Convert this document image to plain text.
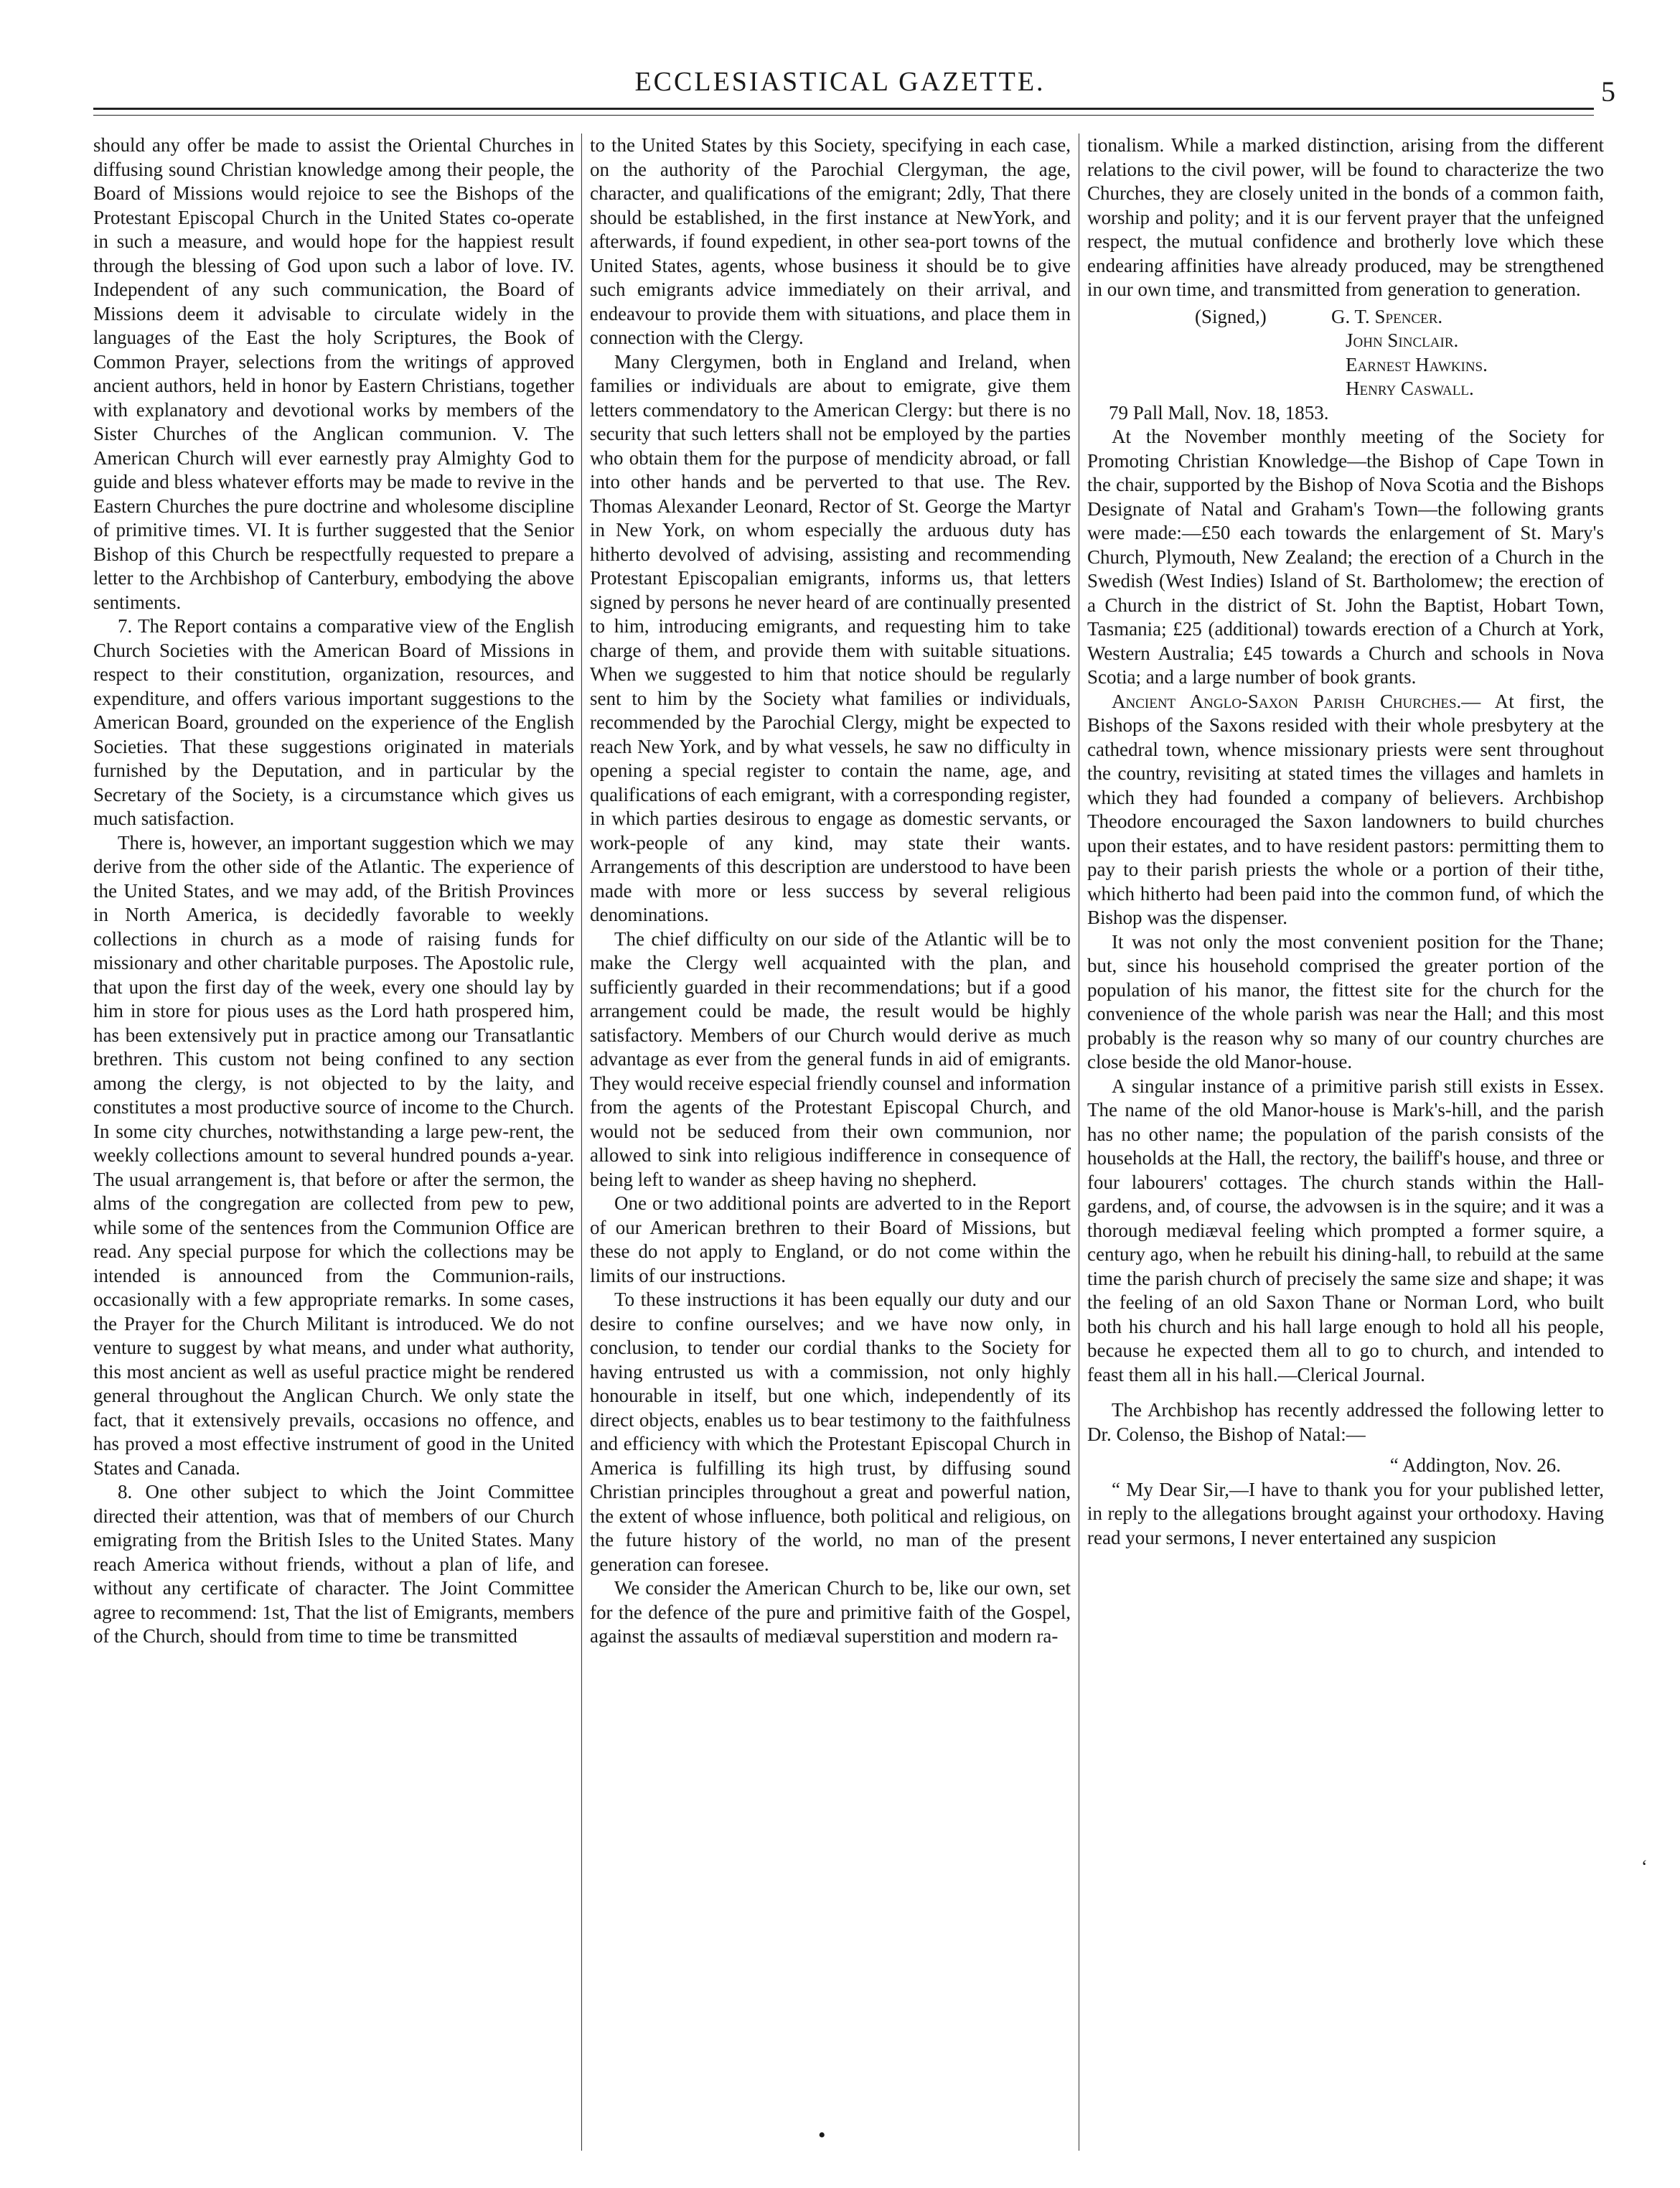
ECCLESIASTICAL GAZETTE.	5

should any offer be made to assist the Oriental Churches in diffusing sound Christian knowledge among their people, the Board of Missions would rejoice to see the Bishops of the Protestant Episcopal Church in the United States co-operate in such a measure, and would hope for the happiest result through the blessing of God upon such a labor of love. IV. Independent of any such communication, the Board of Missions deem it advisable to circulate widely in the languages of the East the holy Scriptures, the Book of Common Prayer, selections from the writings of approved ancient authors, held in honor by Eastern Christians, together with explanatory and devotional works by members of the Sister Churches of the Anglican communion. V. The American Church will ever earnestly pray Almighty God to guide and bless whatever efforts may be made to revive in the Eastern Churches the pure doctrine and wholesome discipline of primitive times. VI. It is further suggested that the Senior Bishop of this Church be respectfully requested to prepare a letter to the Archbishop of Canterbury, embodying the above sentiments.

7. The Report contains a comparative view of the English Church Societies with the American Board of Missions in respect to their constitution, organization, resources, and expenditure, and offers various important suggestions to the American Board, grounded on the experience of the English Societies. That these suggestions originated in materials furnished by the Deputation, and in particular by the Secretary of the Society, is a circumstance which gives us much satisfaction.

There is, however, an important suggestion which we may derive from the other side of the Atlantic. The experience of the United States, and we may add, of the British Provinces in North America, is decidedly favorable to weekly collections in church as a mode of raising funds for missionary and other charitable purposes. The Apostolic rule, that upon the first day of the week, every one should lay by him in store for pious uses as the Lord hath prospered him, has been extensively put in practice among our Transatlantic brethren. This custom not being confined to any section among the clergy, is not objected to by the laity, and constitutes a most productive source of income to the Church. In some city churches, notwithstanding a large pew-rent, the weekly collections amount to several hundred pounds a-year. The usual arrangement is, that before or after the sermon, the alms of the congregation are collected from pew to pew, while some of the sentences from the Communion Office are read. Any special purpose for which the collections may be intended is announced from the Communion-rails, occasionally with a few appropriate remarks. In some cases, the Prayer for the Church Militant is introduced. We do not venture to suggest by what means, and under what authority, this most ancient as well as useful practice might be rendered general throughout the Anglican Church. We only state the fact, that it extensively prevails, occasions no offence, and has proved a most effective instrument of good in the United States and Canada.

8. One other subject to which the Joint Committee directed their attention, was that of members of our Church emigrating from the British Isles to the United States. Many reach America without friends, without a plan of life, and without any certificate of character. The Joint Committee agree to recommend: 1st, That the list of Emigrants, members of the Church, should from time to time be transmitted

to the United States by this Society, specifying in each case, on the authority of the Parochial Clergyman, the age, character, and qualifications of the emigrant; 2dly, That there should be established, in the first instance at NewYork, and afterwards, if found expedient, in other sea-port towns of the United States, agents, whose business it should be to give such emigrants advice immediately on their arrival, and endeavour to provide them with situations, and place them in connection with the Clergy.

Many Clergymen, both in England and Ireland, when families or individuals are about to emigrate, give them letters commendatory to the American Clergy: but there is no security that such letters shall not be employed by the parties who obtain them for the purpose of mendicity abroad, or fall into other hands and be perverted to that use. The Rev. Thomas Alexander Leonard, Rector of St. George the Martyr in New York, on whom especially the arduous duty has hitherto devolved of advising, assisting and recommending Protestant Episcopalian emigrants, informs us, that letters signed by persons he never heard of are continually presented to him, introducing emigrants, and requesting him to take charge of them, and provide them with suitable situations. When we suggested to him that notice should be regularly sent to him by the Society what families or individuals, recommended by the Parochial Clergy, might be expected to reach New York, and by what vessels, he saw no difficulty in opening a special register to contain the name, age, and qualifications of each emigrant, with a corresponding register, in which parties desirous to engage as domestic servants, or work-people of any kind, may state their wants. Arrangements of this description are understood to have been made with more or less success by several religious denominations.

The chief difficulty on our side of the Atlantic will be to make the Clergy well acquainted with the plan, and sufficiently guarded in their recommendations; but if a good arrangement could be made, the result would be highly satisfactory. Members of our Church would derive as much advantage as ever from the general funds in aid of emigrants. They would receive especial friendly counsel and information from the agents of the Protestant Episcopal Church, and would not be seduced from their own communion, nor allowed to sink into religious indifference in consequence of being left to wander as sheep having no shepherd.

One or two additional points are adverted to in the Report of our American brethren to their Board of Missions, but these do not apply to England, or do not come within the limits of our instructions.

To these instructions it has been equally our duty and our desire to confine ourselves; and we have now only, in conclusion, to tender our cordial thanks to the Society for having entrusted us with a commission, not only highly honourable in itself, but one which, independently of its direct objects, enables us to bear testimony to the faithfulness and efficiency with which the Protestant Episcopal Church in America is fulfilling its high trust, by diffusing sound Christian principles throughout a great and powerful nation, the extent of whose influence, both political and religious, on the future history of the world, no man of the present generation can foresee.

We consider the American Church to be, like our own, set for the defence of the pure and primitive faith of the Gospel, against the assaults of mediæval superstition and modern ra-

tionalism. While a marked distinction, arising from the different relations to the civil power, will be found to characterize the two Churches, they are closely united in the bonds of a common faith, worship and polity; and it is our fervent prayer that the unfeigned respect, the mutual confidence and brotherly love which these endearing affinities have already produced, may be strengthened in our own time, and transmitted from generation to generation.

(Signed,)	G. T. Spencer.
John Sinclair.
Earnest Hawkins.
Henry Caswall.

79 Pall Mall, Nov. 18, 1853.

At the November monthly meeting of the Society for Promoting Christian Knowledge—the Bishop of Cape Town in the chair, supported by the Bishop of Nova Scotia and the Bishops Designate of Natal and Graham's Town—the following grants were made:—£50 each towards the enlargement of St. Mary's Church, Plymouth, New Zealand; the erection of a Church in the Swedish (West Indies) Island of St. Bartholomew; the erection of a Church in the district of St. John the Baptist, Hobart Town, Tasmania; £25 (additional) towards erection of a Church at York, Western Australia; £45 towards a Church and schools in Nova Scotia; and a large number of book grants.

Ancient Anglo-Saxon Parish Churches.— At first, the Bishops of the Saxons resided with their whole presbytery at the cathedral town, whence missionary priests were sent throughout the country, revisiting at stated times the villages and hamlets in which they had founded a company of believers. Archbishop Theodore encouraged the Saxon landowners to build churches upon their estates, and to have resident pastors: permitting them to pay to their parish priests the whole or a portion of their tithe, which hitherto had been paid into the common fund, of which the Bishop was the dispenser.

It was not only the most convenient position for the Thane; but, since his household comprised the greater portion of the population of his manor, the fittest site for the church for the convenience of the whole parish was near the Hall; and this most probably is the reason why so many of our country churches are close beside the old Manor-house.

A singular instance of a primitive parish still exists in Essex. The name of the old Manor-house is Mark's-hill, and the parish has no other name; the population of the parish consists of the households at the Hall, the rectory, the bailiff's house, and three or four labourers' cottages. The church stands within the Hall-gardens, and, of course, the advowsen is in the squire; and it was a thorough mediæval feeling which prompted a former squire, a century ago, when he rebuilt his dining-hall, to rebuild at the same time the parish church of precisely the same size and shape; it was the feeling of an old Saxon Thane or Norman Lord, who built both his church and his hall large enough to hold all his people, because he expected them all to go to church, and intended to feast them all in his hall.—Clerical Journal.

The Archbishop has recently addressed the following letter to Dr. Colenso, the Bishop of Natal:—

“ Addington, Nov. 26.

“ My Dear Sir,—I have to thank you for your published letter, in reply to the allegations brought against your orthodoxy. Having read your sermons, I never entertained any suspicion

•
ʻ
